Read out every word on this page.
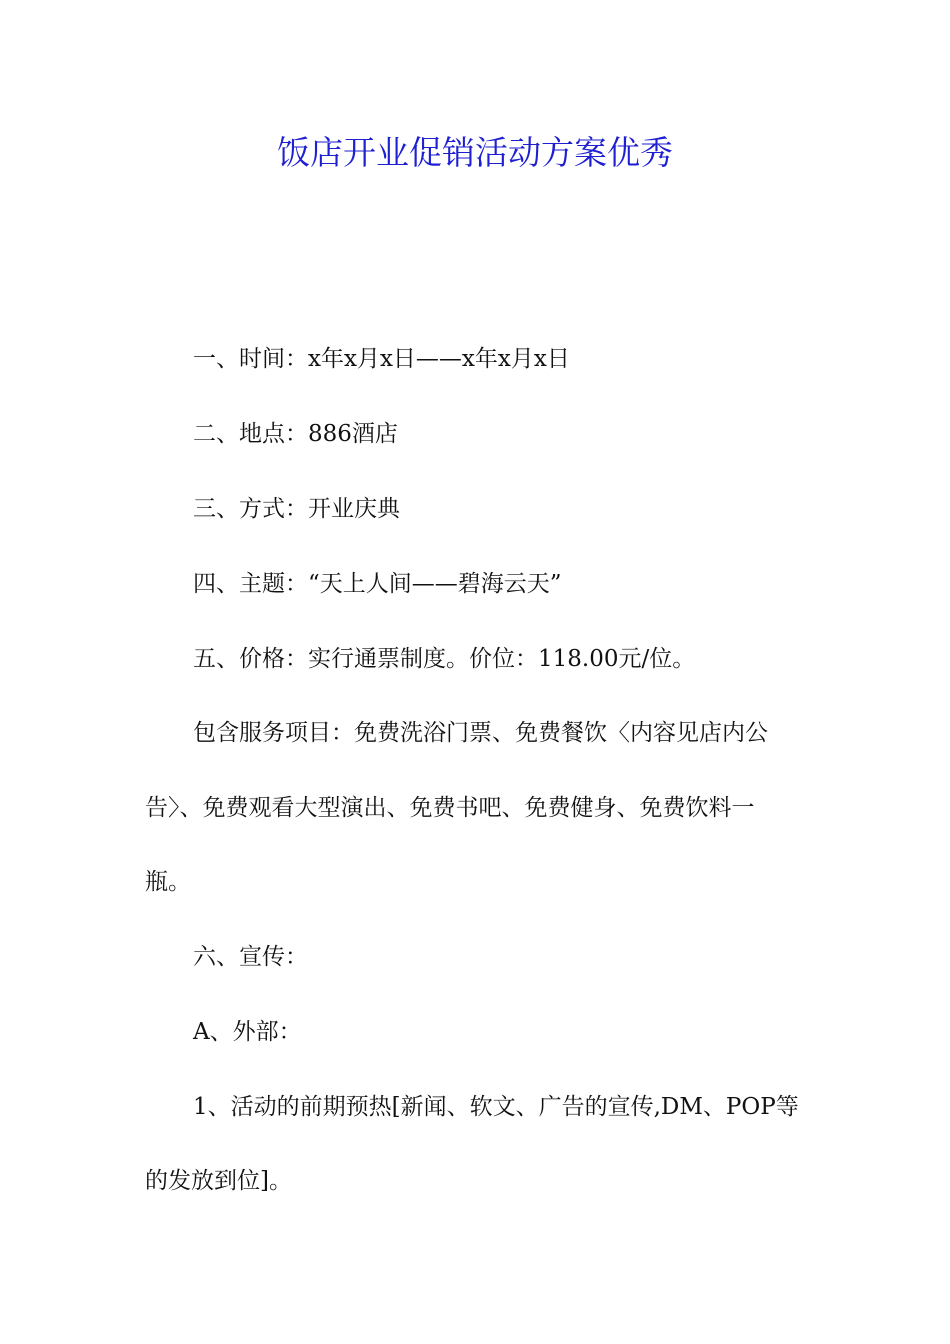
饭店开业促销活动方案优秀
一、时间：x年x月x日——x年x月x日
二、地点：886酒店
三、方式：开业庆典
四、主题：“天上人间——碧海云天”
五、价格：实行通票制度。价位：118.00元/位。
包含服务项目：免费洗浴门票、免费餐饮〈内容见店内公
告〉、免费观看大型演出、免费书吧、免费健身、免费饮料一
瓶。
六、宣传：
A、外部：
1、活动的前期预热[新闻、软文、广告的宣传,DM、POP等
的发放到位]。
